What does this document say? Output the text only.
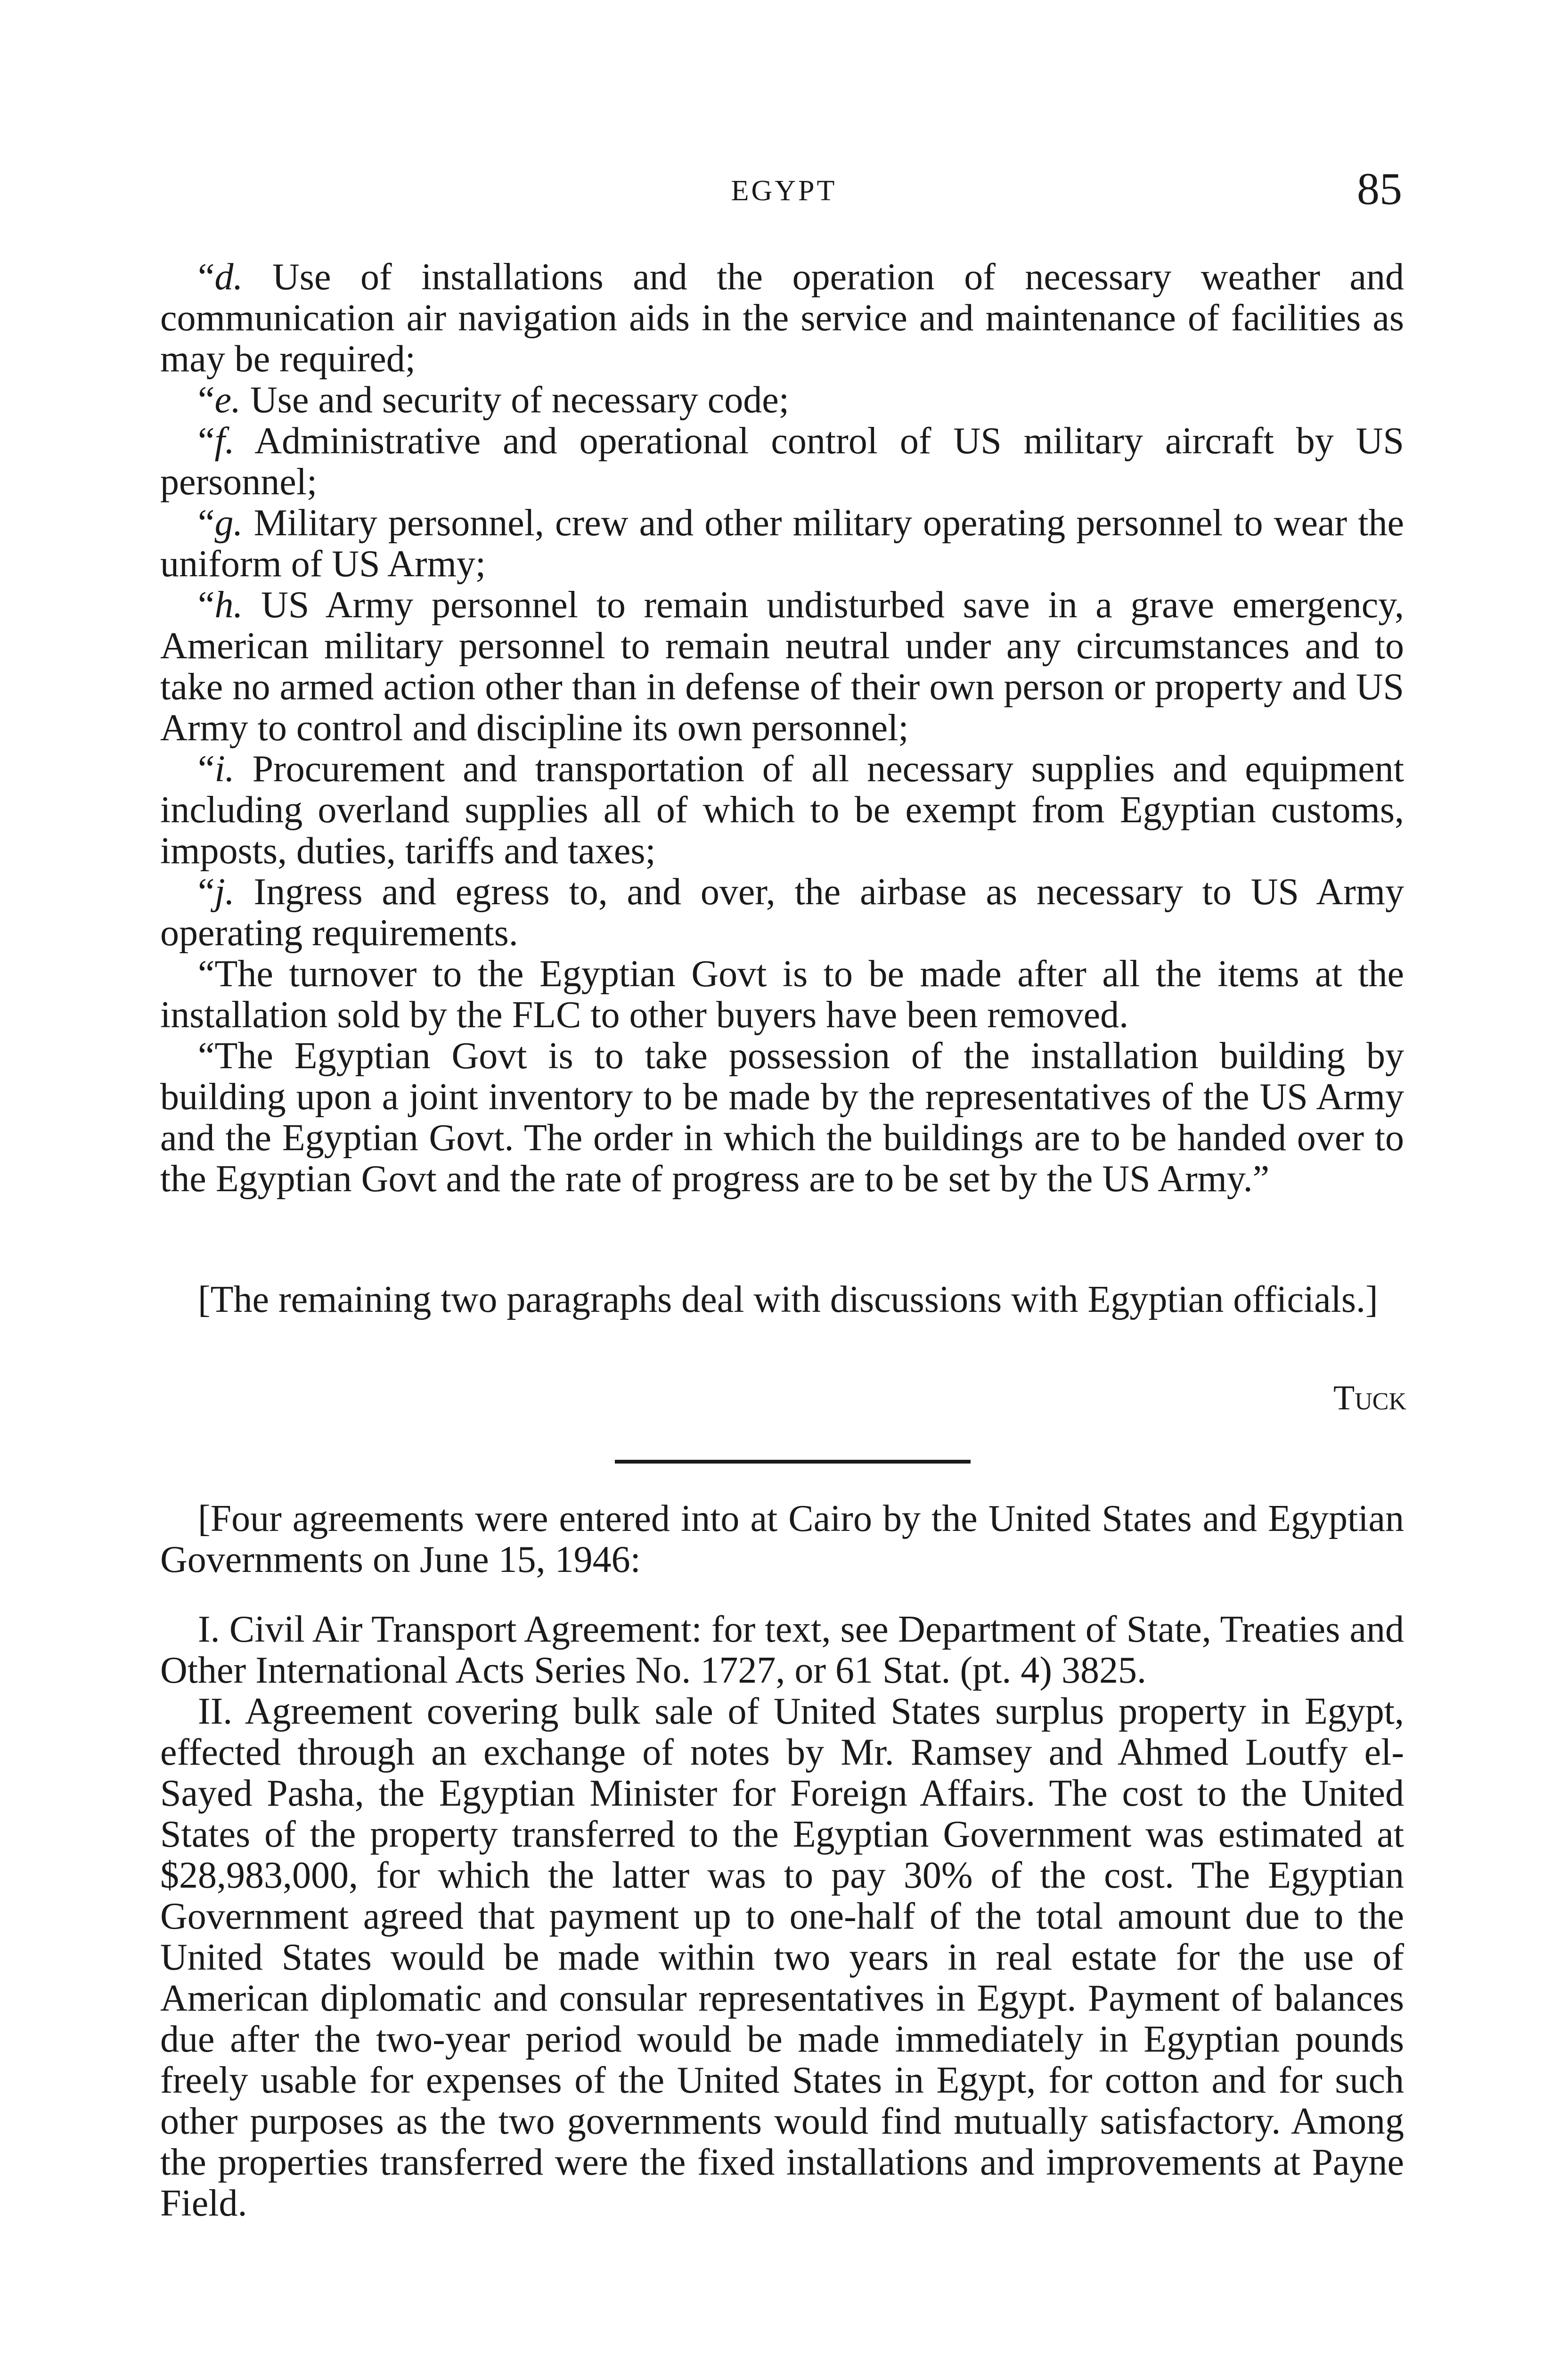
EGYPT	85

“d. Use of installations and the operation of necessary weather and communication air navigation aids in the service and maintenance of facilities as may be required;

“e. Use and security of necessary code;

“f. Administrative and operational control of US military aircraft by US personnel;

“g. Military personnel, crew and other military operating personnel to wear the uniform of US Army;

“h. US Army personnel to remain undisturbed save in a grave emergency, American military personnel to remain neutral under any circumstances and to take no armed action other than in defense of their own person or property and US Army to control and discipline its own personnel;

“i. Procurement and transportation of all necessary supplies and equipment including overland supplies all of which to be exempt from Egyptian customs, imposts, duties, tariffs and taxes;

“j. Ingress and egress to, and over, the airbase as necessary to US Army operating requirements.

“The turnover to the Egyptian Govt is to be made after all the items at the installation sold by the FLC to other buyers have been removed.

“The Egyptian Govt is to take possession of the installation building by building upon a joint inventory to be made by the representatives of the US Army and the Egyptian Govt. The order in which the buildings are to be handed over to the Egyptian Govt and the rate of progress are to be set by the US Army.”

[The remaining two paragraphs deal with discussions with Egyptian officials.]

Tuck

[Four agreements were entered into at Cairo by the United States and Egyptian Governments on June 15, 1946:

I. Civil Air Transport Agreement: for text, see Department of State, Treaties and Other International Acts Series No. 1727, or 61 Stat. (pt. 4) 3825.

II. Agreement covering bulk sale of United States surplus property in Egypt, effected through an exchange of notes by Mr. Ramsey and Ahmed Loutfy el-Sayed Pasha, the Egyptian Minister for Foreign Affairs. The cost to the United States of the property transferred to the Egyptian Government was estimated at $28,983,000, for which the latter was to pay 30% of the cost. The Egyptian Government agreed that payment up to one-half of the total amount due to the United States would be made within two years in real estate for the use of American diplomatic and consular representatives in Egypt. Payment of balances due after the two-year period would be made immediately in Egyptian pounds freely usable for expenses of the United States in Egypt, for cotton and for such other purposes as the two governments would find mutually satisfactory. Among the properties transferred were the fixed installations and improvements at Payne Field.
